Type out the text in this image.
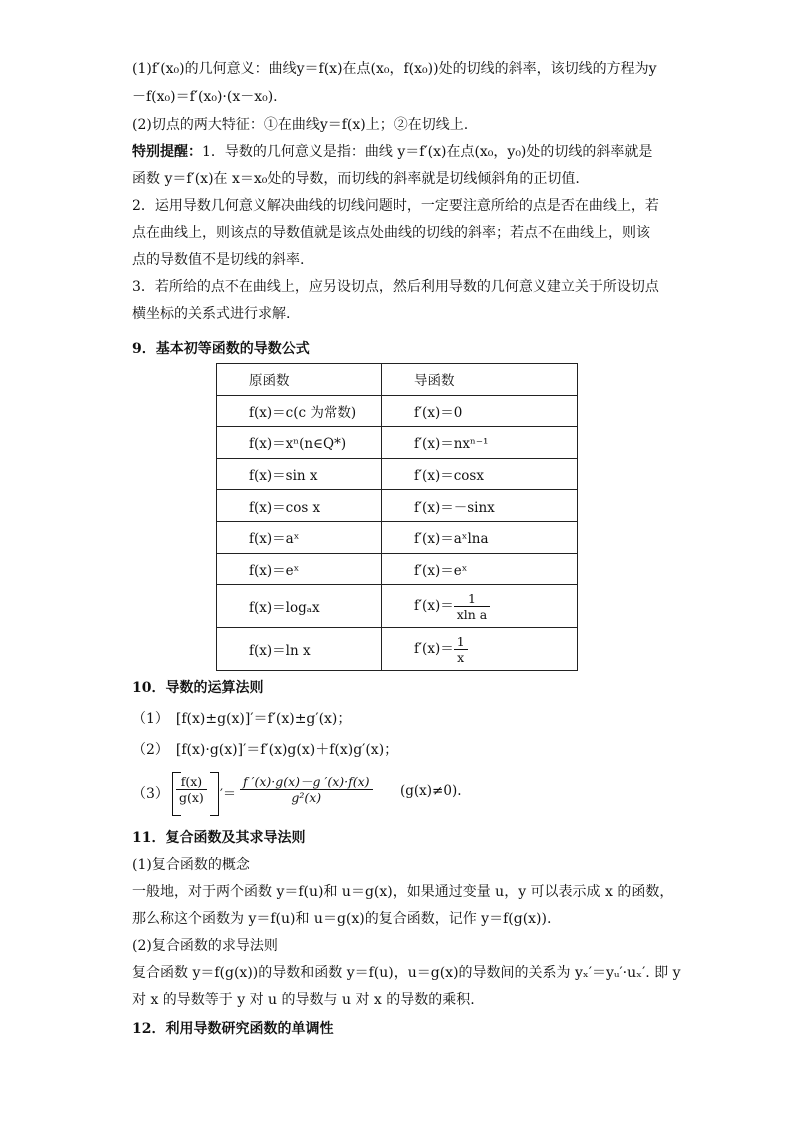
(1)f′(x₀)的几何意义：曲线y＝f(x)在点(x₀，f(x₀))处的切线的斜率，该切线的方程为y
－f(x₀)＝f′(x₀)·(x－x₀).
(2)切点的两大特征：①在曲线y＝f(x)上；②在切线上.
特别提醒：1．导数的几何意义是指：曲线 y＝f′(x)在点(x₀，y₀)处的切线的斜率就是
函数 y＝f′(x)在 x＝x₀处的导数，而切线的斜率就是切线倾斜角的正切值.
2．运用导数几何意义解决曲线的切线问题时，一定要注意所给的点是否在曲线上，若
点在曲线上，则该点的导数值就是该点处曲线的切线的斜率；若点不在曲线上，则该
点的导数值不是切线的斜率.
3．若所给的点不在曲线上，应另设切点，然后利用导数的几何意义建立关于所设切点
横坐标的关系式进行求解.
9．基本初等函数的导数公式
原函数	导函数
f(x)＝c(c 为常数)	f′(x)＝0
f(x)＝xⁿ(n∈Q*)	f′(x)＝nxⁿ⁻¹
f(x)＝sin x	f′(x)＝cosx
f(x)＝cos x	f′(x)＝－sinx
f(x)＝aˣ	f′(x)＝aˣlna
f(x)＝eˣ	f′(x)＝eˣ
f(x)＝logₐx	$f'(x)= \frac{1}{\text{xln a}}$

f(x)＝ln x	$f'(x)= \frac{1}{x}$
10．导数的运算法则
（1）　[f(x)±g(x)]′＝f′(x)±g′(x)；
（2）　[f(x)·g(x)]′＝f′(x)g(x)＋f(x)g′(x)；
$(3) \frac{f(x)}{g(x)}$ ′＝ $\frac{f '(x)\cdot g(x)-g '(x)\cdot f(x)}{\text{g²(x)}} (g(x)\ne 0)$.
11．复合函数及其求导法则
(1)复合函数的概念
一般地，对于两个函数 y＝f(u)和 u＝g(x)，如果通过变量 u，y 可以表示成 x 的函数，
那么称这个函数为 y＝f(u)和 u＝g(x)的复合函数，记作 y＝f(g(x)).
(2)复合函数的求导法则
复合函数 y＝f(g(x))的导数和函数 y＝f(u)，u＝g(x)的导数间的关系为 yₓ′＝yᵤ′·uₓ′. 即 y
对 x 的导数等于 y 对 u 的导数与 u 对 x 的导数的乘积.
12．利用导数研究函数的单调性
